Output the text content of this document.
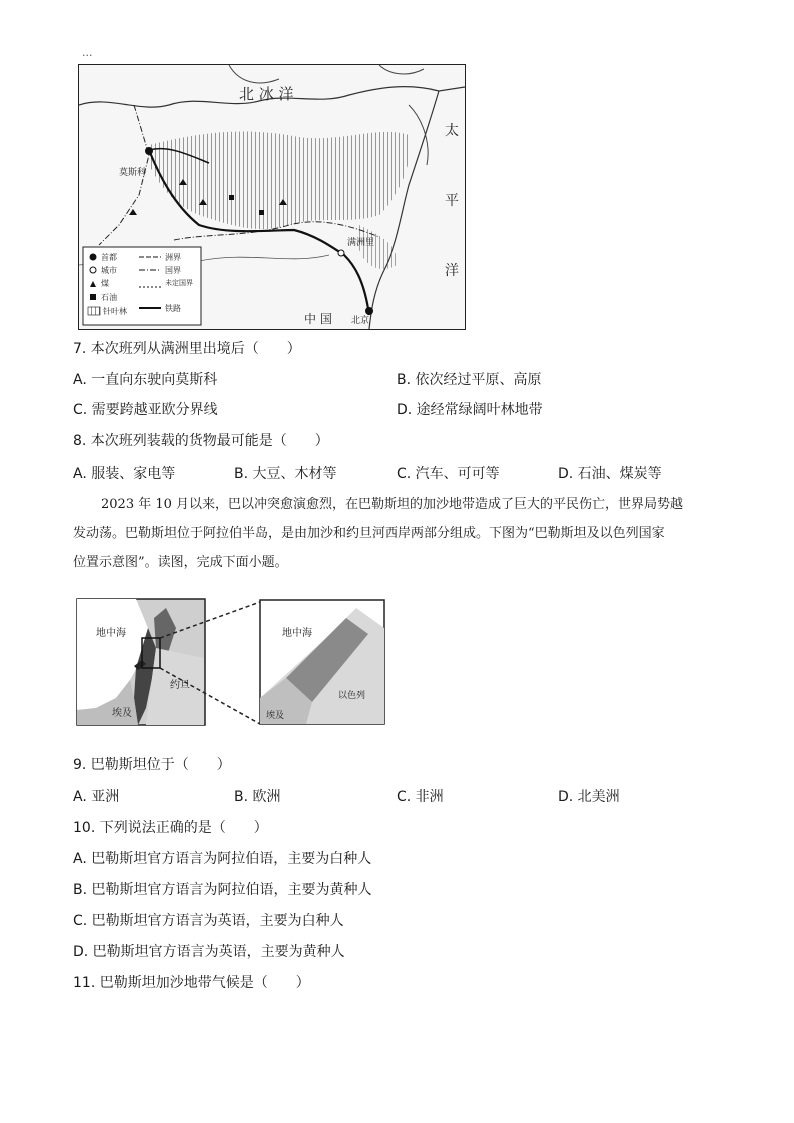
...
北 冰 洋
太
平
洋
莫斯科
满洲里
北京
中 国
首都
城市
煤
石油
针叶林
洲界
国界
未定国界
铁路
7. 本次班列从满洲里出境后（　　）
A. 一直向东驶向莫斯科	B. 依次经过平原、高原
C. 需要跨越亚欧分界线	D. 途经常绿阔叶林地带
8. 本次班列装载的货物最可能是（　　）
A. 服装、家电等	B. 大豆、木材等	C. 汽车、可可等	D. 石油、煤炭等
2023 年 10 月以来，巴以冲突愈演愈烈，在巴勒斯坦的加沙地带造成了巨大的平民伤亡，世界局势越
发动荡。巴勒斯坦位于阿拉伯半岛，是由加沙和约旦河西岸两部分组成。下图为“巴勒斯坦及以色列国家
位置示意图”。读图，完成下面小题。
地中海
约旦
埃及
地中海
以色列
埃及
9. 巴勒斯坦位于（　　）
A. 亚洲	B. 欧洲	C. 非洲	D. 北美洲
10. 下列说法正确的是（　　）
A. 巴勒斯坦官方语言为阿拉伯语，主要为白种人
B. 巴勒斯坦官方语言为阿拉伯语，主要为黄种人
C. 巴勒斯坦官方语言为英语，主要为白种人
D. 巴勒斯坦官方语言为英语，主要为黄种人
11. 巴勒斯坦加沙地带气候是（　　）
